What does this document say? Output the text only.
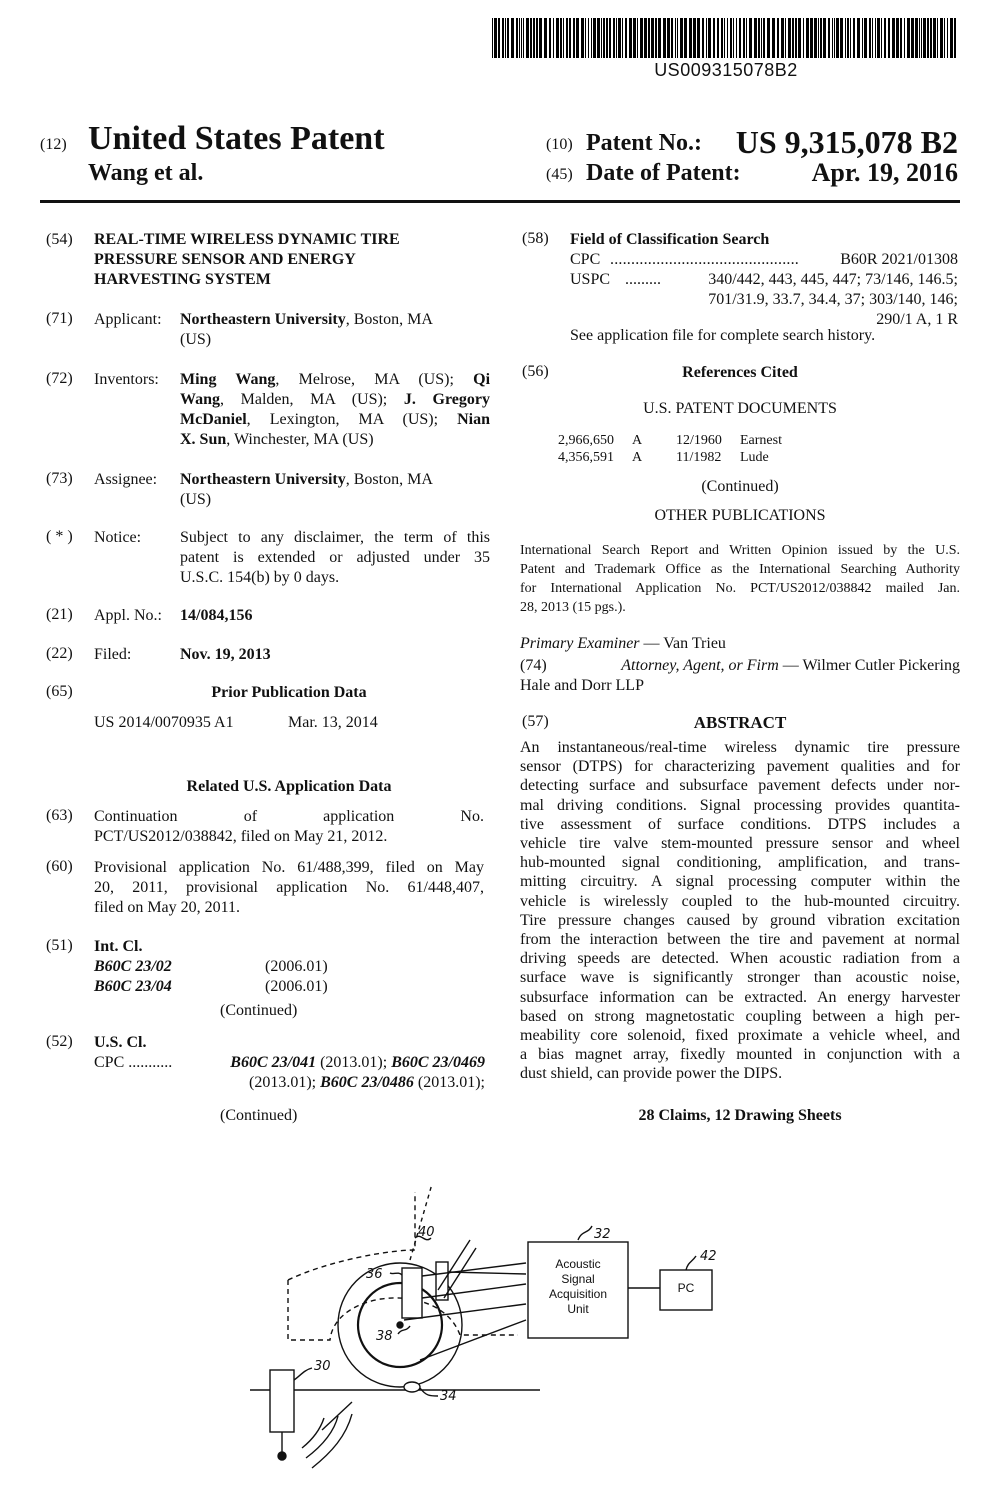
US009315078B2
(12) United States Patent
Wang et al.
(10) Patent No.: US 9,315,078 B2
(45) Date of Patent:	Apr. 19, 2016
(54) REAL-TIME WIRELESS DYNAMIC TIRE
PRESSURE SENSOR AND ENERGY
HARVESTING SYSTEM
(71) Applicant: Northeastern University, Boston, MA
(US)
(72) Inventors: Ming Wang, Melrose, MA (US); Qi
Wang, Malden, MA (US); J. Gregory
McDaniel, Lexington, MA (US); Nian
X. Sun, Winchester, MA (US)
(73) Assignee: Northeastern University, Boston, MA
(US)
( * ) Notice: Subject to any disclaimer, the term of this
patent is extended or adjusted under 35
U.S.C. 154(b) by 0 days.
(21) Appl. No.: 14/084,156
(22) Filed:	Nov. 19, 2013
(65)	Prior Publication Data
US 2014/0070935 A1	Mar. 13, 2014
Related U.S. Application Data
(63) Continuation	of	application	No.
PCT/US2012/038842, filed on May 21, 2012.
(60) Provisional application No. 61/488,399, filed on May
20, 2011, provisional application No. 61/448,407,
filed on May 20, 2011.
(51) Int. Cl.
B60C 23/02	(2006.01)
B60C 23/04	(2006.01)
(Continued)
(52) U.S. Cl.
CPC ...........	B60C 23/041 (2013.01); B60C 23/0469
(2013.01); B60C 23/0486 (2013.01);
(Continued)
(58) Field of Classification Search
CPC .............................................	B60R 2021/01308
USPC .........	340/442, 443, 445, 447; 73/146, 146.5;
701/31.9, 33.7, 34.4, 37; 303/140, 146;
290/1 A, 1 R
See application file for complete search history.
(56)	References Cited
U.S. PATENT DOCUMENTS
2,966,650 A 12/1960 Earnest
4,356,591 A 11/1982 Lude
(Continued)
OTHER PUBLICATIONS
International Search Report and Written Opinion issued by the U.S.
Patent and Trademark Office as the International Searching Authority
for International Application No. PCT/US2012/038842 mailed Jan.
28, 2013 (15 pgs.).
Primary Examiner — Van Trieu
(74)	Attorney, Agent, or Firm — Wilmer Cutler Pickering
Hale and Dorr LLP
(57)	ABSTRACT
An instantaneous/real-time wireless dynamic tire pressure
sensor (DTPS) for characterizing pavement qualities and for
detecting surface and subsurface pavement defects under nor-
mal driving conditions. Signal processing provides quantita-
tive assessment of surface conditions. DTPS includes a
vehicle tire valve stem-mounted pressure sensor and wheel
hub-mounted signal conditioning, amplification, and trans-
mitting circuitry. A signal processing computer within the
vehicle is wirelessly coupled to the hub-mounted circuitry.
Tire pressure changes caused by ground vibration excitation
from the interaction between the tire and pavement at normal
driving speeds are detected. When acoustic radiation from a
surface wave is significantly stronger than acoustic noise,
subsurface information can be extracted. An energy harvester
based on strong magnetostatic coupling between a high per-
meability core solenoid, fixed proximate a vehicle wheel, and
a bias magnet array, fixedly mounted in conjunction with a
dust shield, can provide power the DIPS.
28 Claims, 12 Drawing Sheets
Acoustic
Signal
Acquisition
Unit
PC
32
42
40
36
38
30
34
